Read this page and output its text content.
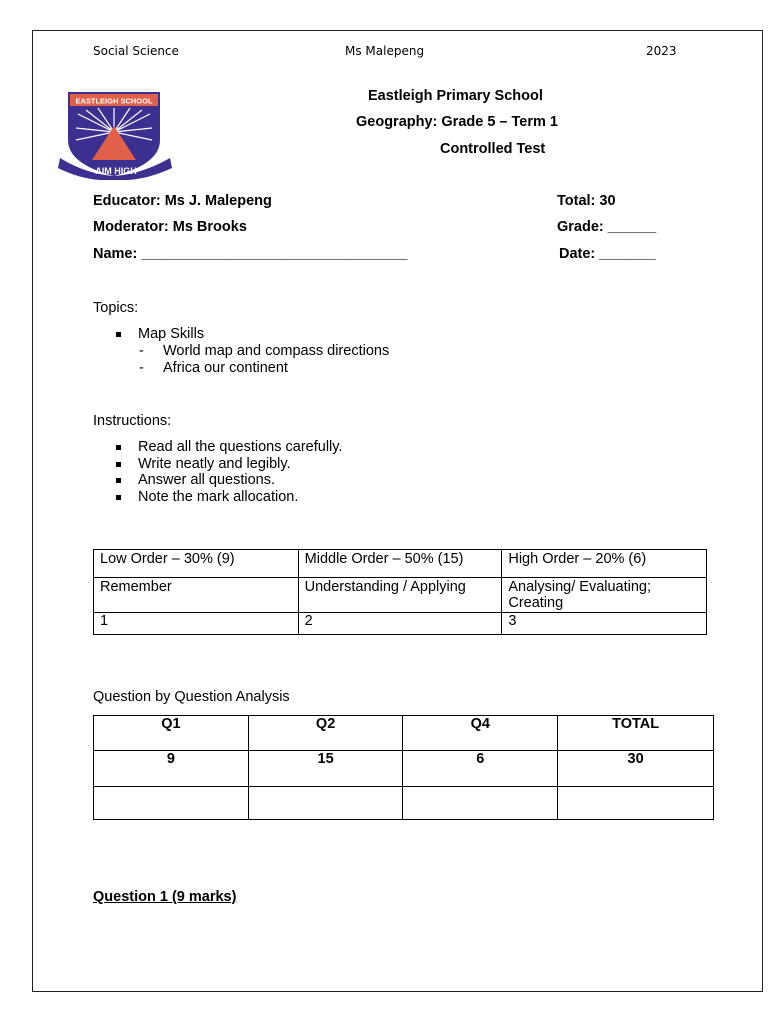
Social Science	Ms Malepeng	2023
EASTLEIGH SCHOOL
AIM HIGH
Eastleigh Primary School
Geography: Grade 5 – Term 1
Controlled Test
Educator: Ms J. Malepeng
Moderator: Ms Brooks
Name: _________________________________
Total: 30
Grade: ______
Date: _______
Topics:
Map Skills
- World map and compass directions
- Africa our continent
Instructions:
Read all the questions carefully.
Write neatly and legibly.
Answer all questions.
Note the mark allocation.
Low Order – 30% (9)	Middle Order – 50% (15)	High Order – 20% (6)
Remember	Understanding / Applying	Analysing/ Evaluating;
Creating
1	2	3
Question by Question Analysis
Q1	Q2	Q4	TOTAL
9	15	6	30

Question 1 (9 marks)
